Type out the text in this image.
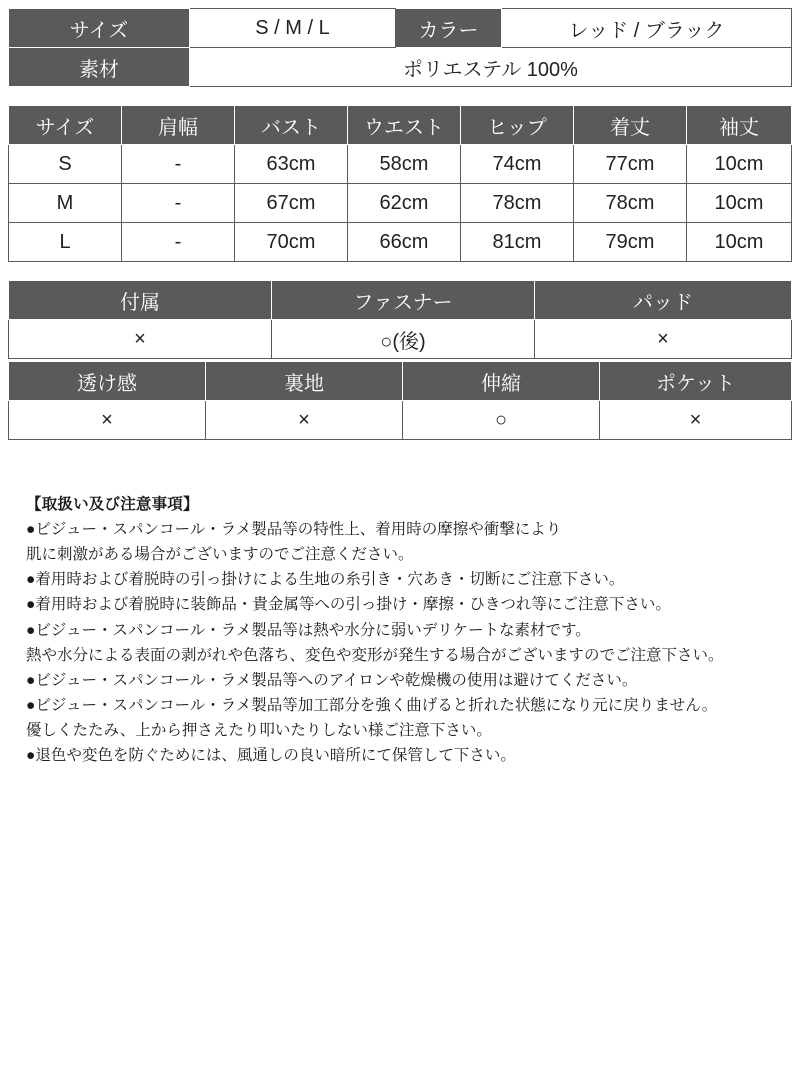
サイズ	S / M / L	カラー	レッド / ブラック
素材	ポリエステル 100%		
サイズ	肩幅	バスト	ウエスト	ヒップ	着丈	袖丈
S	-	63cm	58cm	74cm	77cm	10cm
M	-	67cm	62cm	78cm	78cm	10cm
L	-	70cm	66cm	81cm	79cm	10cm
付属	ファスナー	パッド
×	○(後)	×
透け感	裏地	伸縮	ポケット
×	×	○	×

【取扱い及び注意事項】

●ビジュー・スパンコール・ラメ製品等の特性上、着用時の摩擦や衝撃により

肌に刺激がある場合がございますのでご注意ください。

●着用時および着脱時の引っ掛けによる生地の糸引き・穴あき・切断にご注意下さい。

●着用時および着脱時に装飾品・貴金属等への引っ掛け・摩擦・ひきつれ等にご注意下さい。

●ビジュー・スパンコール・ラメ製品等は熱や水分に弱いデリケートな素材です。

熱や水分による表面の剥がれや色落ち、変色や変形が発生する場合がございますのでご注意下さい。

●ビジュー・スパンコール・ラメ製品等へのアイロンや乾燥機の使用は避けてください。

●ビジュー・スパンコール・ラメ製品等加工部分を強く曲げると折れた状態になり元に戻りません。

優しくたたみ、上から押さえたり叩いたりしない様ご注意下さい。

●退色や変色を防ぐためには、風通しの良い暗所にて保管して下さい。
